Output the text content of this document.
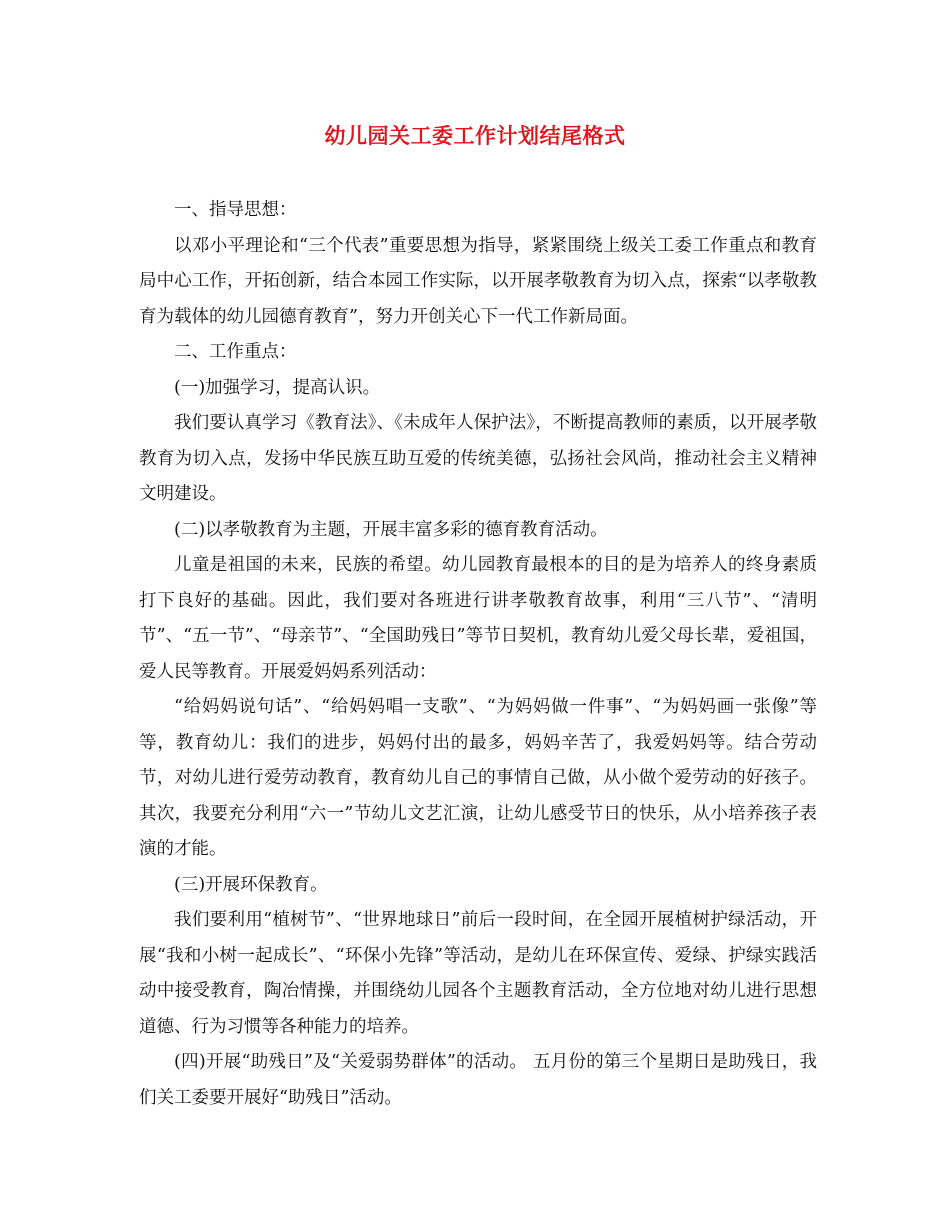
幼儿园关工委工作计划结尾格式

一、指导思想：

以邓小平理论和“三个代表”重要思想为指导，紧紧围绕上级关工委工作重点和教育局中心工作，开拓创新，结合本园工作实际，以开展孝敬教育为切入点，探索“以孝敬教育为载体的幼儿园德育教育”，努力开创关心下一代工作新局面。

二、工作重点：

(一)加强学习，提高认识。

我们要认真学习《教育法》、《未成年人保护法》，不断提高教师的素质，以开展孝敬教育为切入点，发扬中华民族互助互爱的传统美德，弘扬社会风尚，推动社会主义精神文明建设。

(二)以孝敬教育为主题，开展丰富多彩的德育教育活动。

儿童是祖国的未来，民族的希望。幼儿园教育最根本的目的是为培养人的终身素质打下良好的基础。因此，我们要对各班进行讲孝敬教育故事，利用“三八节”、“清明节”、“五一节”、“母亲节”、“全国助残日”等节日契机，教育幼儿爱父母长辈，爱祖国，爱人民等教育。开展爱妈妈系列活动：

“给妈妈说句话”、“给妈妈唱一支歌”、“为妈妈做一件事”、“为妈妈画一张像”等等，教育幼儿：我们的进步，妈妈付出的最多，妈妈辛苦了，我爱妈妈等。结合劳动节，对幼儿进行爱劳动教育，教育幼儿自己的事情自己做，从小做个爱劳动的好孩子。其次，我要充分利用“六一”节幼儿文艺汇演，让幼儿感受节日的快乐，从小培养孩子表演的才能。

(三)开展环保教育。

我们要利用“植树节”、“世界地球日”前后一段时间，在全园开展植树护绿活动，开展“我和小树一起成长”、“环保小先锋”等活动，是幼儿在环保宣传、爱绿、护绿实践活动中接受教育，陶冶情操，并围绕幼儿园各个主题教育活动，全方位地对幼儿进行思想道德、行为习惯等各种能力的培养。

(四)开展“助残日”及“关爱弱势群体”的活动。 五月份的第三个星期日是助残日，我们关工委要开展好“助残日”活动。
